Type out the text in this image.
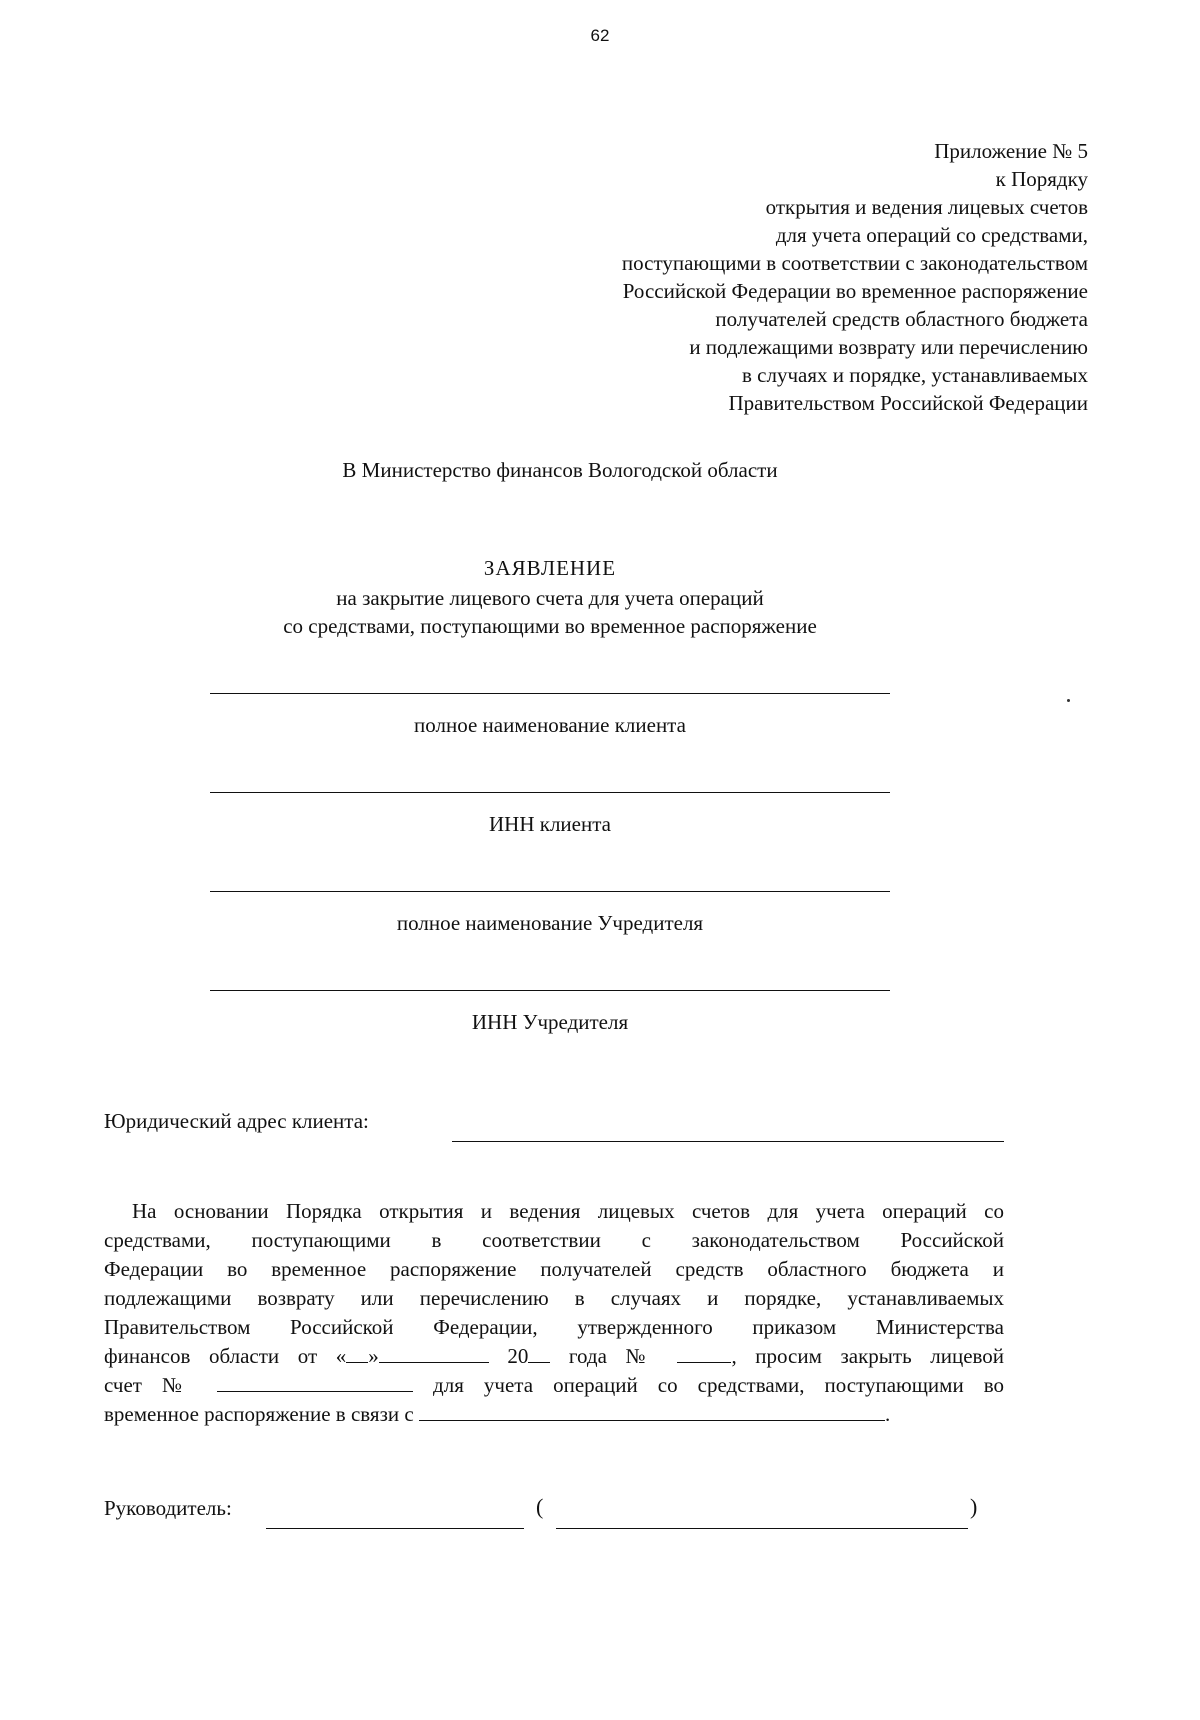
62
Приложение № 5
к Порядку
открытия и ведения лицевых счетов
для учета операций со средствами,
поступающими в соответствии с законодательством
Российской Федерации во временное распоряжение
получателей средств областного бюджета
и подлежащими возврату или перечислению
в случаях и порядке, устанавливаемых
Правительством Российской Федерации
В Министерство финансов Вологодской области
ЗАЯВЛЕНИЕ
на закрытие лицевого счета для учета операций
со средствами, поступающими во временное распоряжение
полное наименование клиента
ИНН клиента
полное наименование Учредителя
ИНН Учредителя
Юридический адрес клиента:
На основании Порядка открытия и ведения лицевых счетов для учета операций со
средствами, поступающими в соответствии с законодательством Российской
Федерации во временное распоряжение получателей средств областного бюджета и
подлежащими возврату или перечислению в случаях и порядке, устанавливаемых
Правительством Российской Федерации, утвержденного приказом Министерства
финансов области от « »	20 года №	, просим закрыть лицевой
счет №	для учета операций со средствами, поступающими во
временное распоряжение в связи с	.
Руководитель:	(	)
